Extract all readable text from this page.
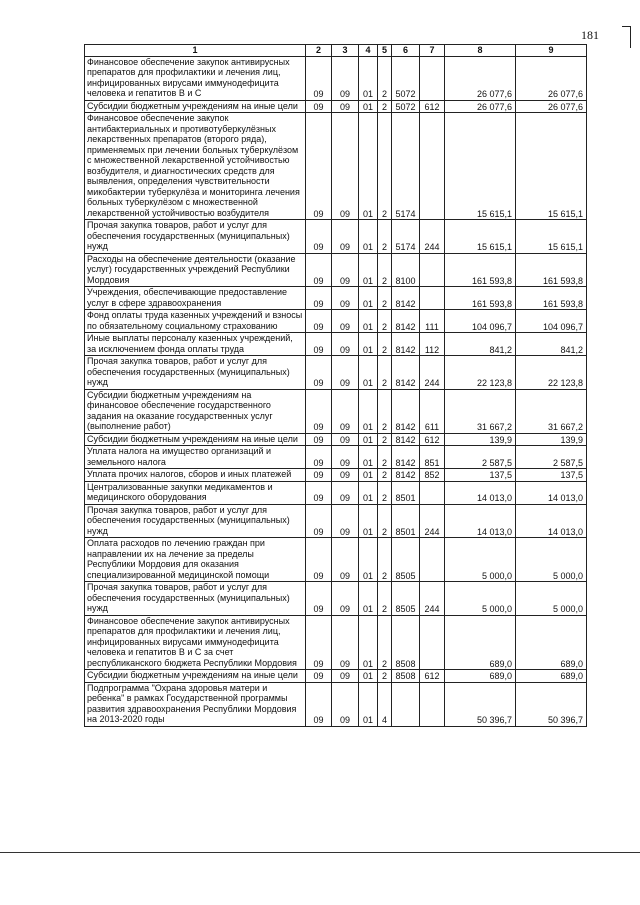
181
1	2	3	4	5	6	7	8	9
Финансовое обеспечение закупок антивирусных препаратов для профилактики и лечения лиц, инфицированных вирусами иммунодефицита человека и гепатитов В и С	09	09	01	2	5072		26 077,6	26 077,6
Субсидии бюджетным учреждениям на иные цели	09	09	01	2	5072	612	26 077,6	26 077,6
Финансовое обеспечение закупок антибактериальных и противотуберкулёзных лекарственных препаратов (второго ряда), применяемых при лечении больных туберкулёзом с множественной лекарственной устойчивостью возбудителя, и диагностических средств для выявления, определения чувствительности микобактерии туберкулёза и мониторинга лечения больных туберкулёзом с множественной лекарственной устойчивостью возбудителя	09	09	01	2	5174		15 615,1	15 615,1
Прочая закупка товаров, работ и услуг для обеспечения государственных (муниципальных) нужд	09	09	01	2	5174	244	15 615,1	15 615,1
Расходы на обеспечение деятельности (оказание услуг) государственных учреждений Республики Мордовия	09	09	01	2	8100		161 593,8	161 593,8
Учреждения, обеспечивающие предоставление услуг в сфере здравоохранения	09	09	01	2	8142		161 593,8	161 593,8
Фонд оплаты труда казенных учреждений и взносы по обязательному социальному страхованию	09	09	01	2	8142	111	104 096,7	104 096,7
Иные выплаты персоналу казенных учреждений, за исключением фонда оплаты труда	09	09	01	2	8142	112	841,2	841,2
Прочая закупка товаров, работ и услуг для обеспечения государственных (муниципальных) нужд	09	09	01	2	8142	244	22 123,8	22 123,8
Субсидии бюджетным учреждениям на финансовое обеспечение государственного задания на оказание государственных услуг (выполнение работ)	09	09	01	2	8142	611	31 667,2	31 667,2
Субсидии бюджетным учреждениям на иные цели	09	09	01	2	8142	612	139,9	139,9
Уплата налога на имущество организаций и земельного налога	09	09	01	2	8142	851	2 587,5	2 587,5
Уплата прочих налогов, сборов и иных платежей	09	09	01	2	8142	852	137,5	137,5
Централизованные закупки медикаментов и медицинского оборудования	09	09	01	2	8501		14 013,0	14 013,0
Прочая закупка товаров, работ и услуг для обеспечения государственных (муниципальных) нужд	09	09	01	2	8501	244	14 013,0	14 013,0
Оплата расходов по лечению граждан при направлении их на лечение за пределы Республики Мордовия для оказания специализированной медицинской помощи	09	09	01	2	8505		5 000,0	5 000,0
Прочая закупка товаров, работ и услуг для обеспечения государственных (муниципальных) нужд	09	09	01	2	8505	244	5 000,0	5 000,0
Финансовое обеспечение закупок антивирусных препаратов для профилактики и лечения лиц, инфицированных вирусами иммунодефицита человека и гепатитов В и С за счет республиканского бюджета Республики Мордовия	09	09	01	2	8508		689,0	689,0
Субсидии бюджетным учреждениям на иные цели	09	09	01	2	8508	612	689,0	689,0
Подпрограмма "Охрана здоровья матери и ребенка" в рамках Государственной программы развития здравоохранения Республики Мордовия на 2013-2020 годы	09	09	01	4			50 396,7	50 396,7
